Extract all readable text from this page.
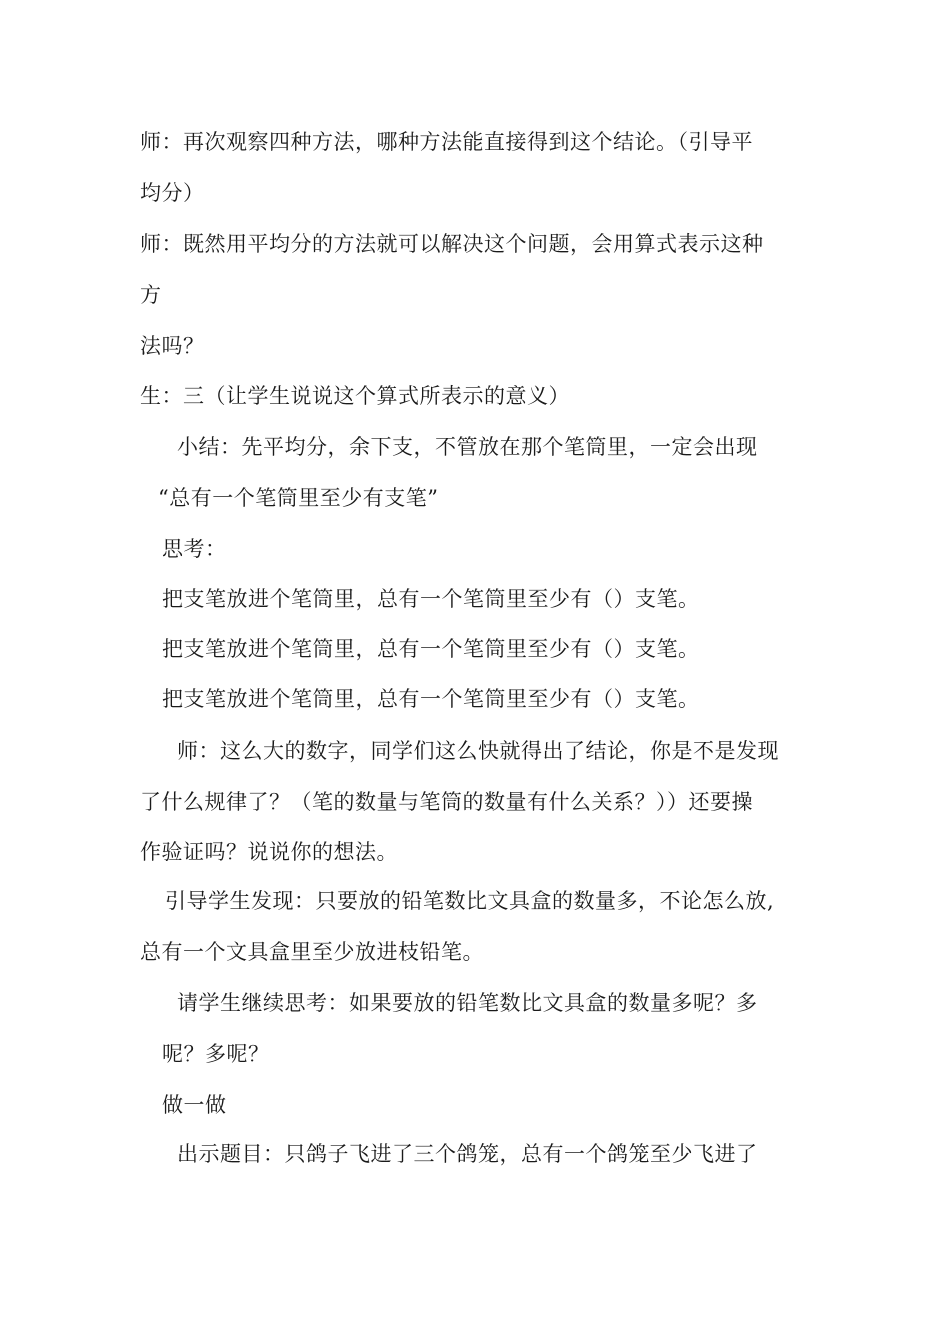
师：再次观察四种方法，哪种方法能直接得到这个结论。（引导平
均分）
师：既然用平均分的方法就可以解决这个问题，会用算式表示这种
方
法吗？
生：三（让学生说说这个算式所表示的意义）
小结：先平均分，余下支，不管放在那个笔筒里，一定会出现
“总有一个笔筒里至少有支笔”
思考：
把支笔放进个笔筒里，总有一个笔筒里至少有（）支笔。
把支笔放进个笔筒里，总有一个笔筒里至少有（）支笔。
把支笔放进个笔筒里，总有一个笔筒里至少有（）支笔。
师：这么大的数字，同学们这么快就得出了结论，你是不是发现
了什么规律了？（笔的数量与笔筒的数量有什么关系？））还要操
作验证吗？说说你的想法。
引导学生发现：只要放的铅笔数比文具盒的数量多，不论怎么放,
总有一个文具盒里至少放进枝铅笔。
请学生继续思考：如果要放的铅笔数比文具盒的数量多呢？多
呢？多呢？
做一做
出示题目：只鸽子飞进了三个鸽笼，总有一个鸽笼至少飞进了
